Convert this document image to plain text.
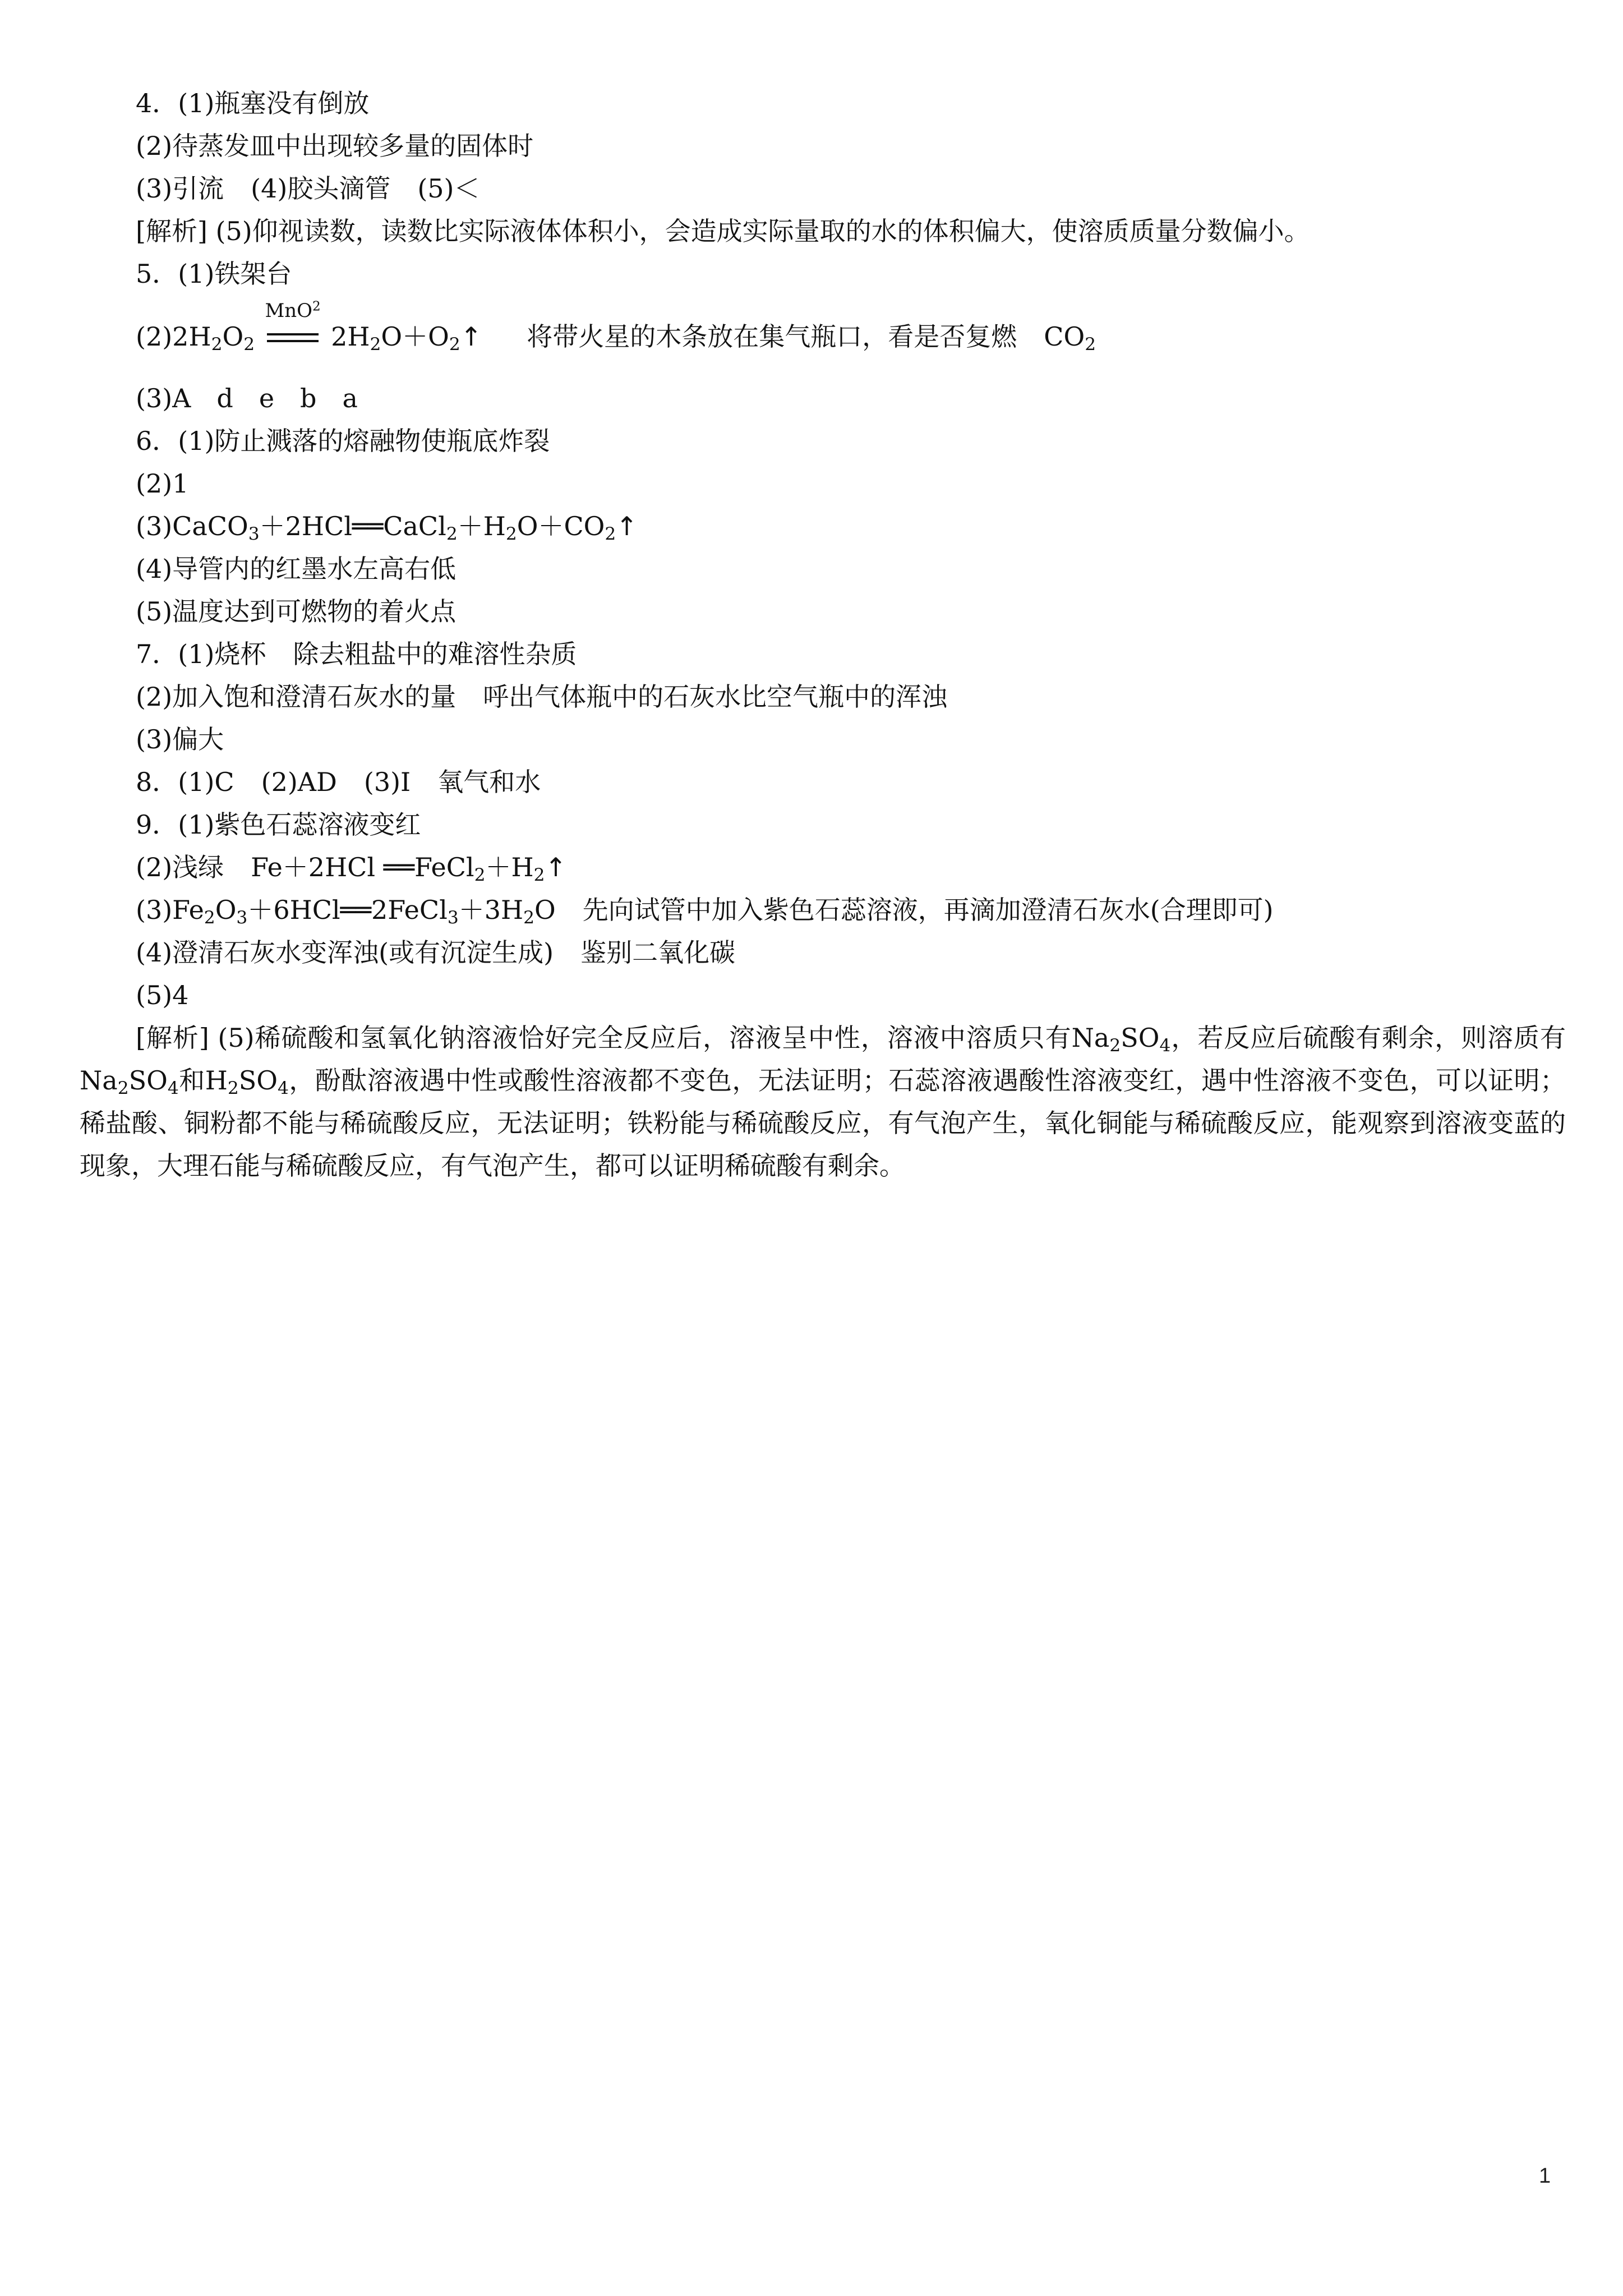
4．(1)瓶塞没有倒放
(2)待蒸发皿中出现较多量的固体时
(3)引流 (4)胶头滴管 (5)＜
[解析] (5)仰视读数，读数比实际液体体积小，会造成实际量取的水的体积偏大，使溶质质量分数偏小。
5．(1)铁架台
$(2)2H_2O_2$
MnO$^2$
$2H_2O+O_2↑$ 将带火星的木条放在集气瓶口，看是否复燃 $CO_2$
(3)A　d　e　b　a
6．(1)防止溅落的熔融物使瓶底炸裂
(2)1
$(3)CaCO_3+2HCl══CaCl_2+H_2O+CO_2↑$
(4)导管内的红墨水左高右低
(5)温度达到可燃物的着火点
7．(1)烧杯 除去粗盐中的难溶性杂质
(2)加入饱和澄清石灰水的量 呼出气体瓶中的石灰水比空气瓶中的浑浊
(3)偏大
8．(1)C (2)AD (3)Ⅰ 氧气和水
9．(1)紫色石蕊溶液变红
(2)浅绿 Fe＋2HCl $══FeCl_2+H_2↑$
$(3)Fe_2O_3+6HCl══2FeCl_3+3H_2O$ 先向试管中加入紫色石蕊溶液，再滴加澄清石灰水(合理即可)
(4)澄清石灰水变浑浊(或有沉淀生成) 鉴别二氧化碳
(5)4
[解析] (5)稀硫酸和氢氧化钠溶液恰好完全反应后，溶液呈中性，溶液中溶质只有$Na_2SO_4$，若反应后硫酸有剩余，则溶质有$Na_2SO_4$和$H_2SO_4$，酚酞溶液遇中性或酸性溶液都不变色，无法证明；石蕊溶液遇酸性溶液变红，遇中性溶液不变色，可以证明；稀盐酸、铜粉都不能与稀硫酸反应，无法证明；铁粉能与稀硫酸反应，有气泡产生，氧化铜能与稀硫酸反应，能观察到溶液变蓝的现象，大理石能与稀硫酸反应，有气泡产生，都可以证明稀硫酸有剩余。
1
